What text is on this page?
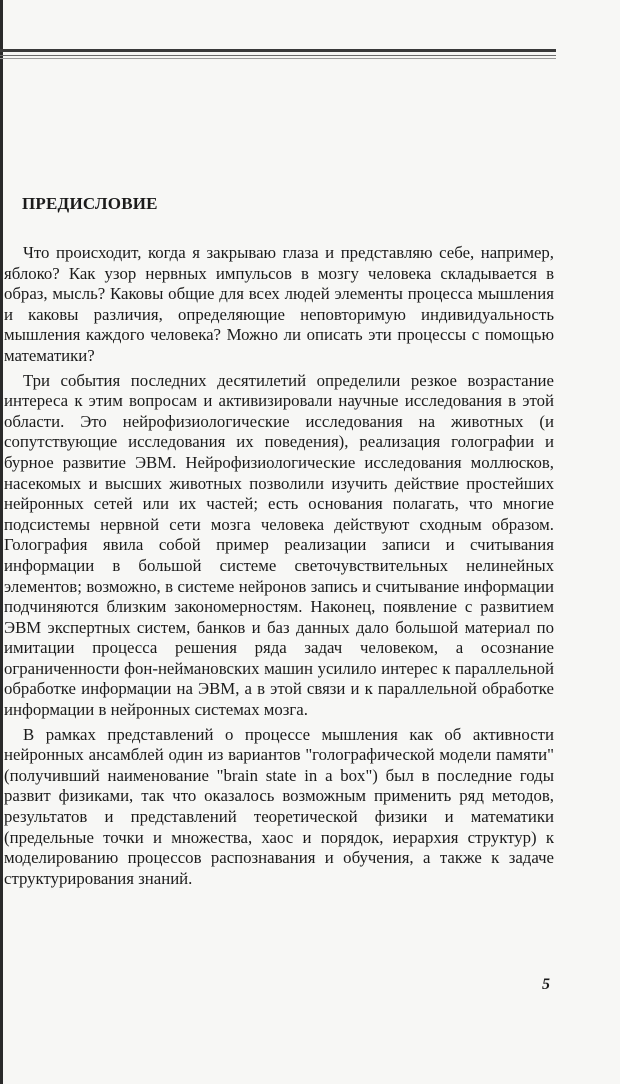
ПРЕДИСЛОВИЕ

Что происходит, когда я закрываю глаза и представляю себе, например, яблоко? Как узор нервных импульсов в мозгу человека складывается в образ, мысль? Каковы общие для всех людей элементы процесса мышления и каковы различия, определяющие неповторимую индивидуальность мышления каждого человека? Можно ли описать эти процессы с помощью математики?

Три события последних десятилетий определили резкое возрастание интереса к этим вопросам и активизировали научные исследования в этой области. Это нейрофизиологические исследования на животных (и сопутствующие исследования их поведения), реализация голографии и бурное развитие ЭВМ. Нейрофизиологические исследования моллюсков, насекомых и высших животных позволили изучить действие простейших нейронных сетей или их частей; есть основания полагать, что многие подсистемы нервной сети мозга человека действуют сходным образом. Голография явила собой пример реализации записи и считывания информации в большой системе светочувствительных нелинейных элементов; возможно, в системе нейронов запись и считывание информации подчиняются близким закономерностям. Наконец, появление с развитием ЭВМ экспертных систем, банков и баз данных дало большой материал по имитации процесса решения ряда задач человеком, а осознание ограниченности фон-неймановских машин усилило интерес к параллельной обработке информации на ЭВМ, а в этой связи и к параллельной обработке информации в нейронных системах мозга.

В рамках представлений о процессе мышления как об активности нейронных ансамблей один из вариантов "голографической модели памяти" (получивший наименование "brain state in a box") был в последние годы развит физиками, так что оказалось возможным применить ряд методов, результатов и представлений теоретической физики и математики (предельные точки и множества, хаос и порядок, иерархия структур) к моделированию процессов распознавания и обучения, а также к задаче структурирования знаний.

5
